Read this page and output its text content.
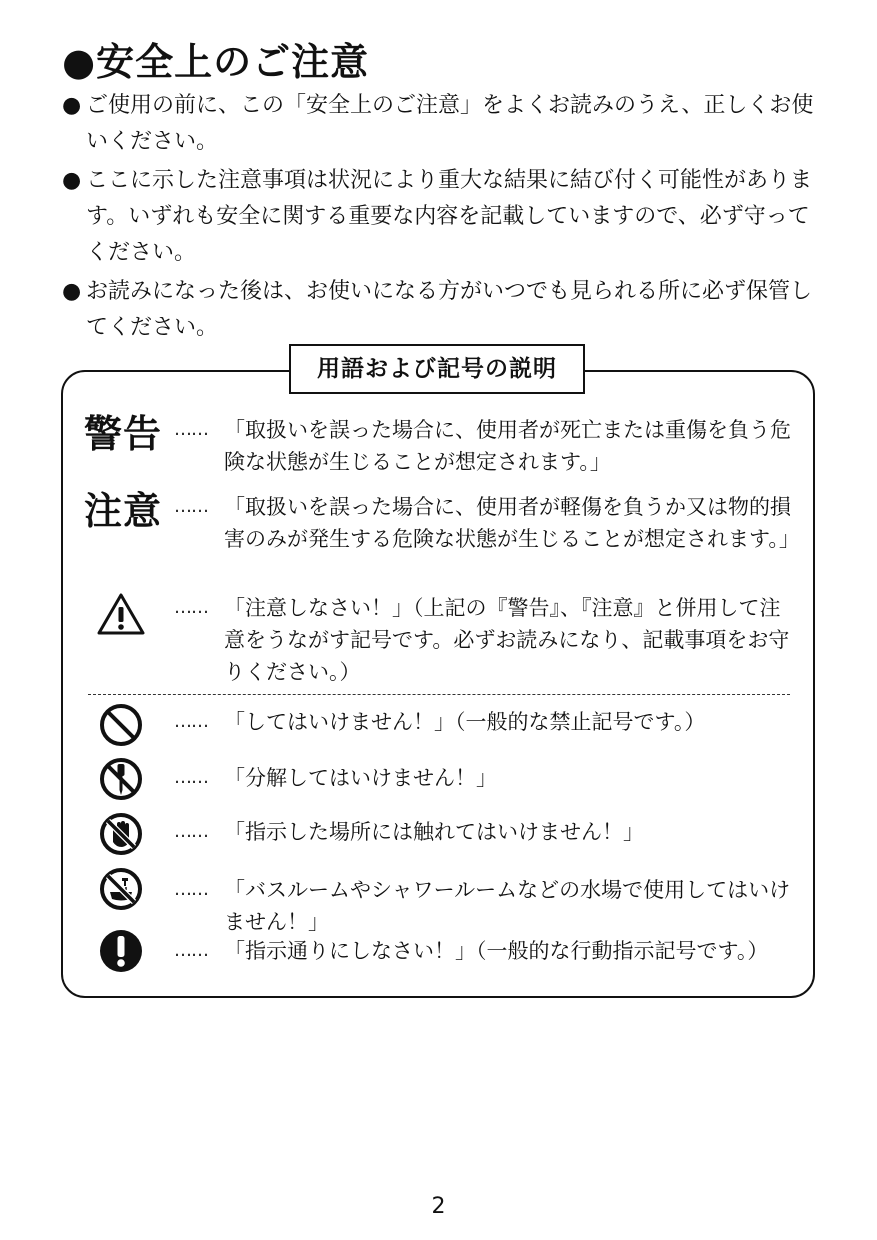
●安全上のご注意
● ご使用の前に、この「安全上のご注意」をよくお読みのうえ、正しくお使いください。
● ここに示した注意事項は状況により重大な結果に結び付く可能性があります。いずれも安全に関する重要な内容を記載していますので、必ず守ってください。
● お読みになった後は、お使いになる方がいつでも見られる所に必ず保管してください。
用語および記号の説明
警告 …… 「取扱いを誤った場合に、使用者が死亡または重傷を負う危険な状態が生じることが想定されます。」
注意 …… 「取扱いを誤った場合に、使用者が軽傷を負うか又は物的損害のみが発生する危険な状態が生じることが想定されます。」
…… 「注意しなさい！」（上記の『警告』、『注意』と併用して注意をうながす記号です。必ずお読みになり、記載事項をお守りください。）
…… 「してはいけません！」（一般的な禁止記号です。）
…… 「分解してはいけません！」
…… 「指示した場所には触れてはいけません！」
…… 「バスルームやシャワールームなどの水場で使用してはいけません！」
…… 「指示通りにしなさい！」（一般的な行動指示記号です。）
2
